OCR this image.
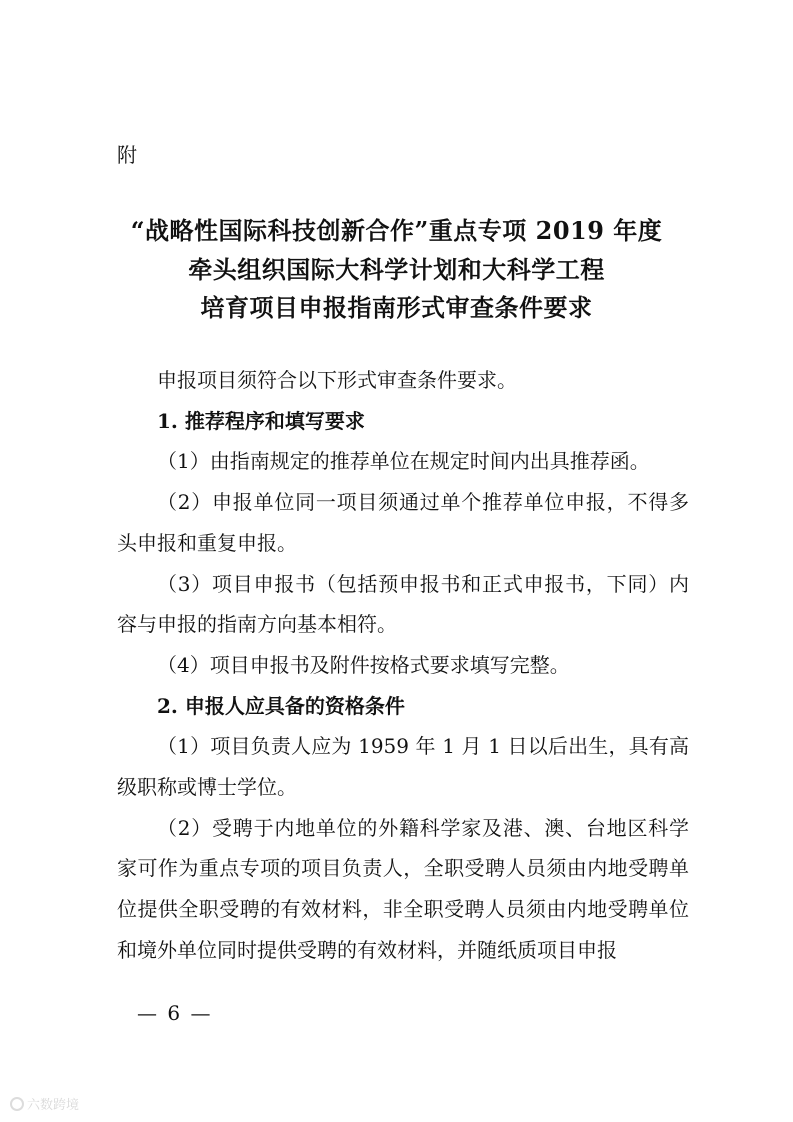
附
“战略性国际科技创新合作”重点专项 2019 年度
牵头组织国际大科学计划和大科学工程
培育项目申报指南形式审查条件要求

申报项目须符合以下形式审查条件要求。

1. 推荐程序和填写要求

（1）由指南规定的推荐单位在规定时间内出具推荐函。

（2）申报单位同一项目须通过单个推荐单位申报，不得多头申报和重复申报。

（3）项目申报书（包括预申报书和正式申报书，下同）内容与申报的指南方向基本相符。

（4）项目申报书及附件按格式要求填写完整。

2. 申报人应具备的资格条件

（1）项目负责人应为 1959 年 1 月 1 日以后出生，具有高级职称或博士学位。

（2）受聘于内地单位的外籍科学家及港、澳、台地区科学家可作为重点专项的项目负责人，全职受聘人员须由内地受聘单位提供全职受聘的有效材料，非全职受聘人员须由内地受聘单位和境外单位同时提供受聘的有效材料，并随纸质项目申报

— 6 —
六数跨境
